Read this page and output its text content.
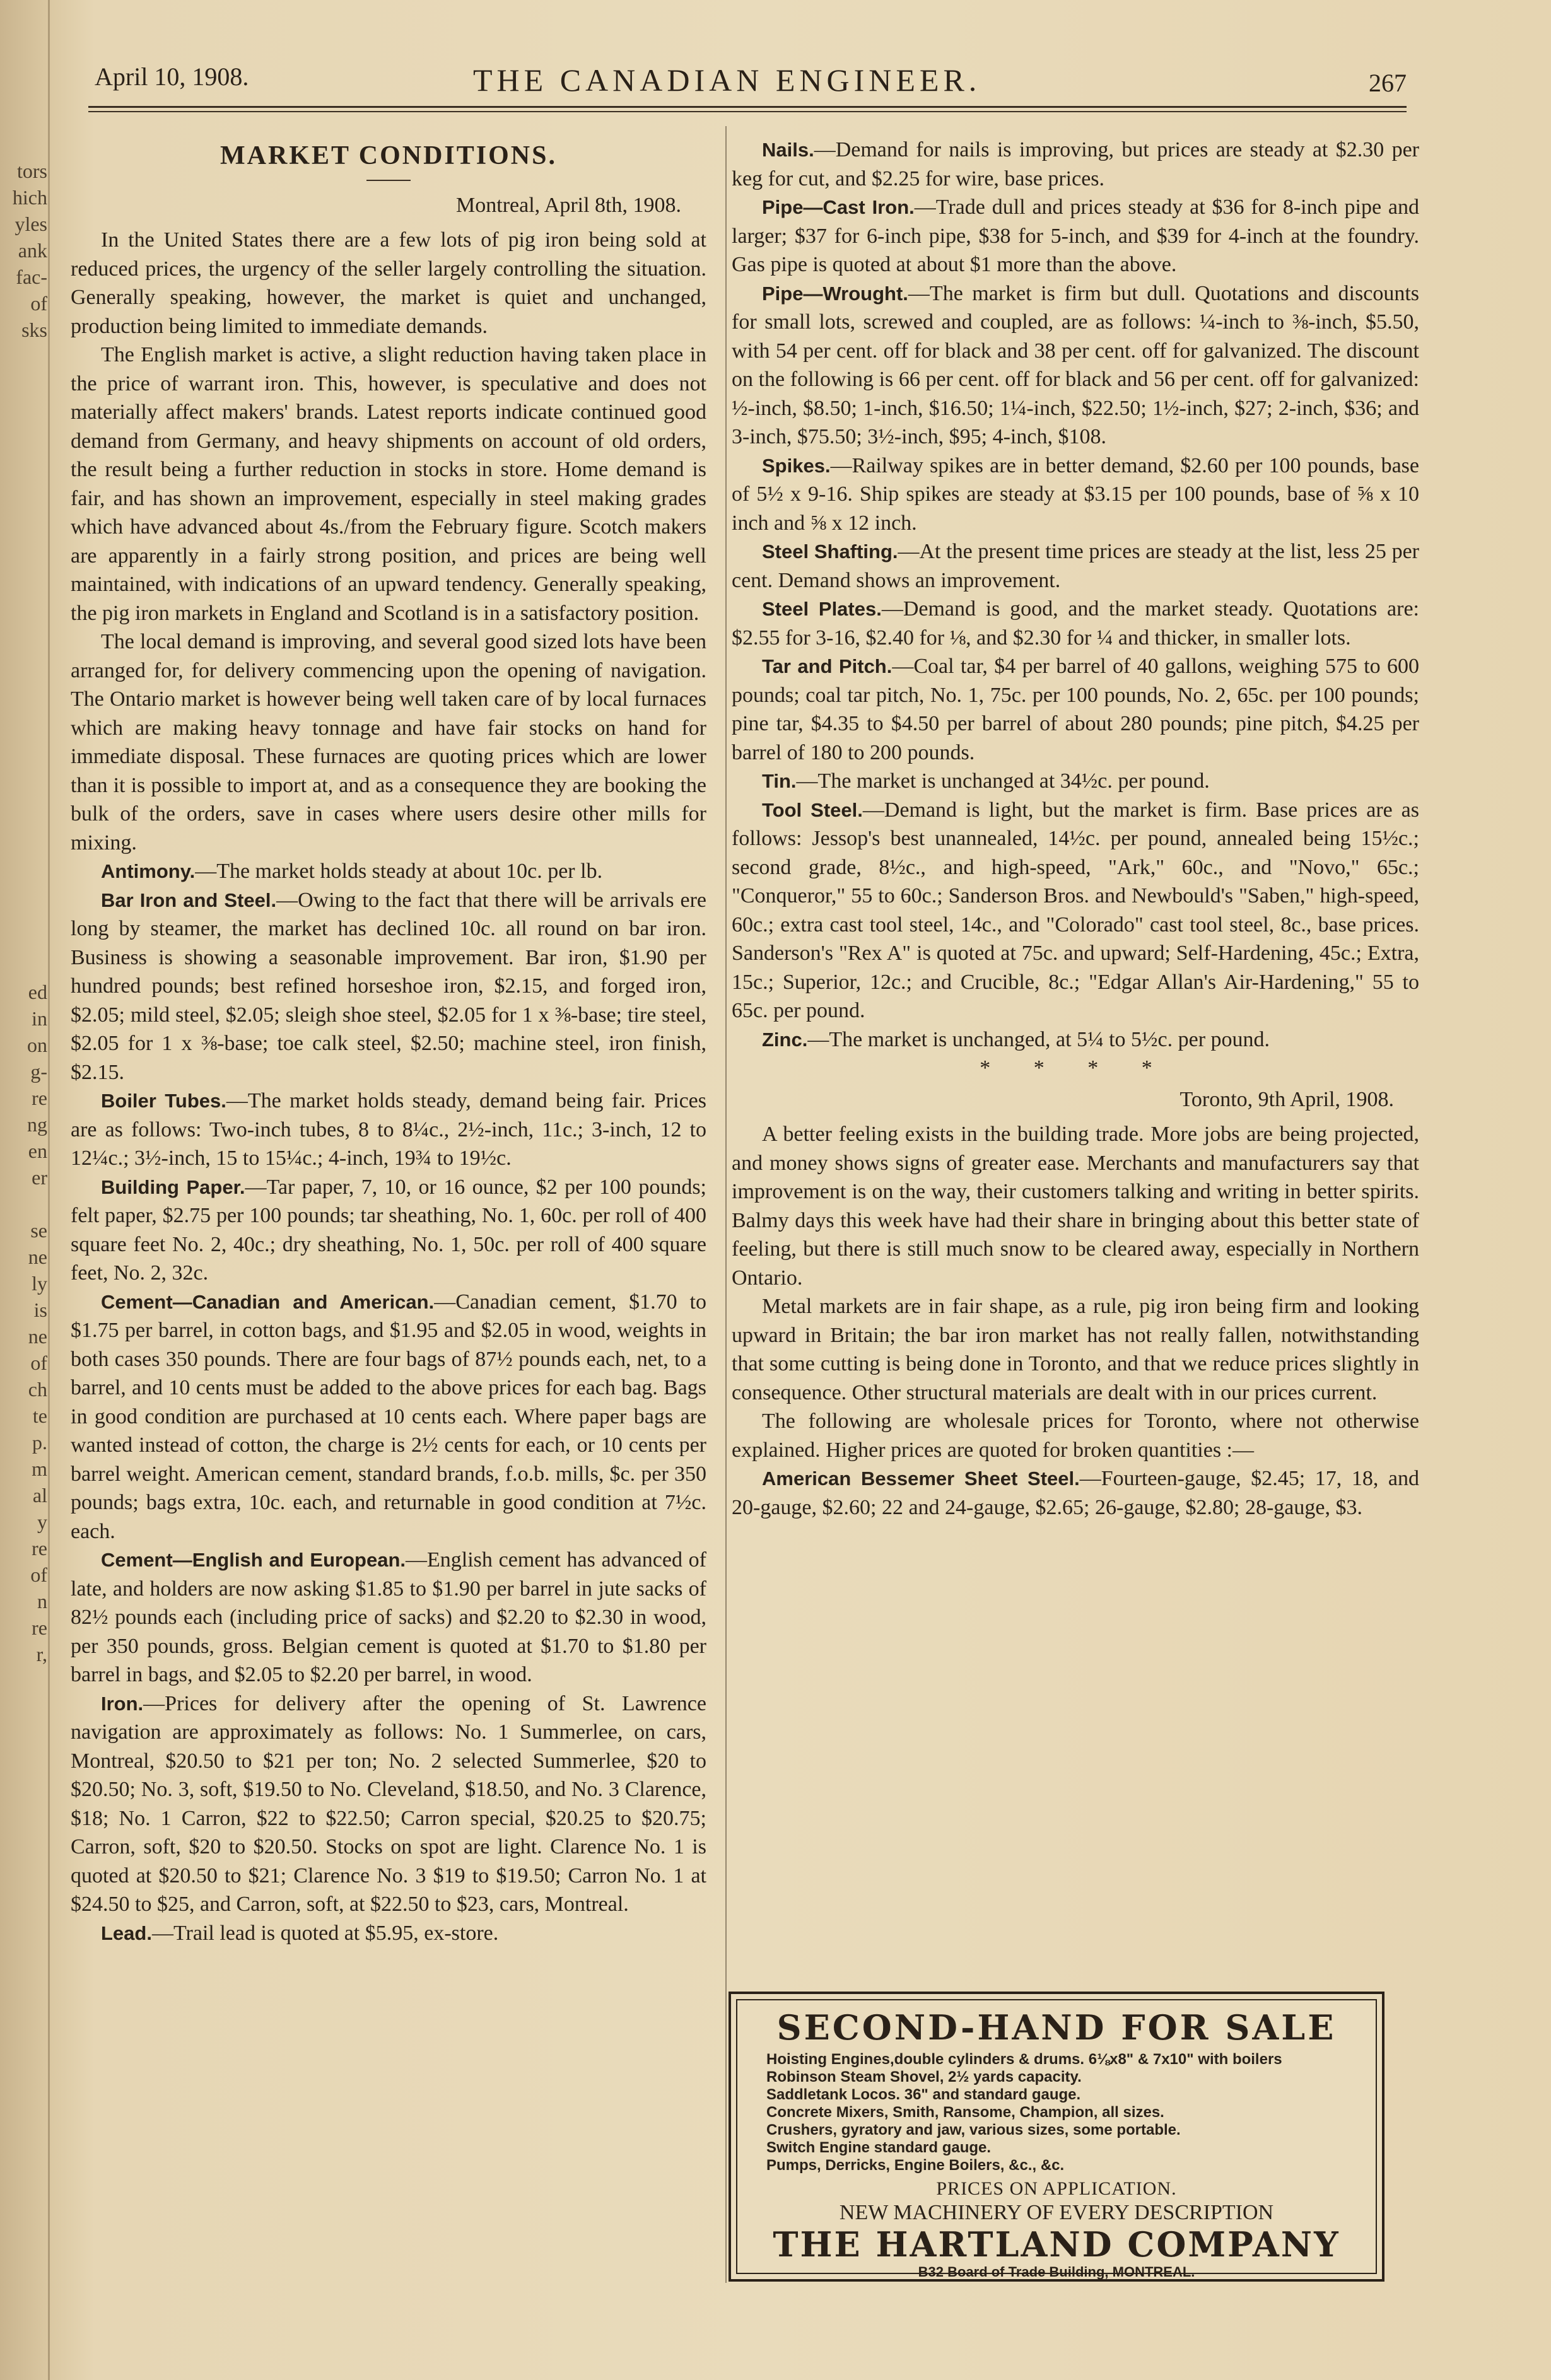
tors
hich
yles
ank
fac-
of
sks
ed
in
on
g-
re
ng
en
er
se
ne
ly
is
ne
of
ch
te
p.
m
al
y
re
of
n
re
r,
April 10, 1908.	THE CANADIAN ENGINEER.	267
MARKET CONDITIONS.

Montreal, April 8th, 1908.

In the United States there are a few lots of pig iron being sold at reduced prices, the urgency of the seller largely controlling the situation. Generally speaking, however, the market is quiet and unchanged, production being limited to immediate demands.

The English market is active, a slight reduction having taken place in the price of warrant iron. This, however, is speculative and does not materially affect makers' brands. Latest reports indicate continued good demand from Germany, and heavy shipments on account of old orders, the result being a further reduction in stocks in store. Home demand is fair, and has shown an improvement, especially in steel making grades which have advanced about 4s./from the February figure. Scotch makers are apparently in a fairly strong position, and prices are being well maintained, with indications of an upward tendency. Generally speaking, the pig iron markets in England and Scotland is in a satisfactory position.

The local demand is improving, and several good sized lots have been arranged for, for delivery commencing upon the opening of navigation. The Ontario market is however being well taken care of by local furnaces which are making heavy tonnage and have fair stocks on hand for immediate disposal. These furnaces are quoting prices which are lower than it is possible to import at, and as a consequence they are booking the bulk of the orders, save in cases where users desire other mills for mixing.

Antimony.—The market holds steady at about 10c. per lb.

Bar Iron and Steel.—Owing to the fact that there will be arrivals ere long by steamer, the market has declined 10c. all round on bar iron. Business is showing a seasonable improvement. Bar iron, $1.90 per hundred pounds; best refined horseshoe iron, $2.15, and forged iron, $2.05; mild steel, $2.05; sleigh shoe steel, $2.05 for 1 x ⅜-base; tire steel, $2.05 for 1 x ⅜-base; toe calk steel, $2.50; machine steel, iron finish, $2.15.

Boiler Tubes.—The market holds steady, demand being fair. Prices are as follows: Two-inch tubes, 8 to 8¼c., 2½-inch, 11c.; 3-inch, 12 to 12¼c.; 3½-inch, 15 to 15¼c.; 4-inch, 19¾ to 19½c.

Building Paper.—Tar paper, 7, 10, or 16 ounce, $2 per 100 pounds; felt paper, $2.75 per 100 pounds; tar sheathing, No. 1, 60c. per roll of 400 square feet No. 2, 40c.; dry sheathing, No. 1, 50c. per roll of 400 square feet, No. 2, 32c.

Cement—Canadian and American.—Canadian cement, $1.70 to $1.75 per barrel, in cotton bags, and $1.95 and $2.05 in wood, weights in both cases 350 pounds. There are four bags of 87½ pounds each, net, to a barrel, and 10 cents must be added to the above prices for each bag. Bags in good condition are purchased at 10 cents each. Where paper bags are wanted instead of cotton, the charge is 2½ cents for each, or 10 cents per barrel weight. American cement, standard brands, f.o.b. mills, $c. per 350 pounds; bags extra, 10c. each, and returnable in good condition at 7½c. each.

Cement—English and European.—English cement has advanced of late, and holders are now asking $1.85 to $1.90 per barrel in jute sacks of 82½ pounds each (including price of sacks) and $2.20 to $2.30 in wood, per 350 pounds, gross. Belgian cement is quoted at $1.70 to $1.80 per barrel in bags, and $2.05 to $2.20 per barrel, in wood.

Iron.—Prices for delivery after the opening of St. Lawrence navigation are approximately as follows: No. 1 Summerlee, on cars, Montreal, $20.50 to $21 per ton; No. 2 selected Summerlee, $20 to $20.50; No. 3, soft, $19.50 to No. Cleveland, $18.50, and No. 3 Clarence, $18; No. 1 Carron, $22 to $22.50; Carron special, $20.25 to $20.75; Carron, soft, $20 to $20.50. Stocks on spot are light. Clarence No. 1 is quoted at $20.50 to $21; Clarence No. 3 $19 to $19.50; Carron No. 1 at $24.50 to $25, and Carron, soft, at $22.50 to $23, cars, Montreal.

Lead.—Trail lead is quoted at $5.95, ex-store.

Nails.—Demand for nails is improving, but prices are steady at $2.30 per keg for cut, and $2.25 for wire, base prices.

Pipe—Cast Iron.—Trade dull and prices steady at $36 for 8-inch pipe and larger; $37 for 6-inch pipe, $38 for 5-inch, and $39 for 4-inch at the foundry. Gas pipe is quoted at about $1 more than the above.

Pipe—Wrought.—The market is firm but dull. Quotations and discounts for small lots, screwed and coupled, are as follows: ¼-inch to ⅜-inch, $5.50, with 54 per cent. off for black and 38 per cent. off for galvanized. The discount on the following is 66 per cent. off for black and 56 per cent. off for galvanized: ½-inch, $8.50; 1-inch, $16.50; 1¼-inch, $22.50; 1½-inch, $27; 2-inch, $36; and 3-inch, $75.50; 3½-inch, $95; 4-inch, $108.

Spikes.—Railway spikes are in better demand, $2.60 per 100 pounds, base of 5½ x 9-16. Ship spikes are steady at $3.15 per 100 pounds, base of ⅝ x 10 inch and ⅝ x 12 inch.

Steel Shafting.—At the present time prices are steady at the list, less 25 per cent. Demand shows an improvement.

Steel Plates.—Demand is good, and the market steady. Quotations are: $2.55 for 3-16, $2.40 for ⅛, and $2.30 for ¼ and thicker, in smaller lots.

Tar and Pitch.—Coal tar, $4 per barrel of 40 gallons, weighing 575 to 600 pounds; coal tar pitch, No. 1, 75c. per 100 pounds, No. 2, 65c. per 100 pounds; pine tar, $4.35 to $4.50 per barrel of about 280 pounds; pine pitch, $4.25 per barrel of 180 to 200 pounds.

Tin.—The market is unchanged at 34½c. per pound.

Tool Steel.—Demand is light, but the market is firm. Base prices are as follows: Jessop's best unannealed, 14½c. per pound, annealed being 15½c.; second grade, 8½c., and high-speed, "Ark," 60c., and "Novo," 65c.; "Conqueror," 55 to 60c.; Sanderson Bros. and Newbould's "Saben," high-speed, 60c.; extra cast tool steel, 14c., and "Colorado" cast tool steel, 8c., base prices. Sanderson's "Rex A" is quoted at 75c. and upward; Self-Hardening, 45c.; Extra, 15c.; Superior, 12c.; and Crucible, 8c.; "Edgar Allan's Air-Hardening," 55 to 65c. per pound.

Zinc.—The market is unchanged, at 5¼ to 5½c. per pound.

* * * *

Toronto, 9th April, 1908.

A better feeling exists in the building trade. More jobs are being projected, and money shows signs of greater ease. Merchants and manufacturers say that improvement is on the way, their customers talking and writing in better spirits. Balmy days this week have had their share in bringing about this better state of feeling, but there is still much snow to be cleared away, especially in Northern Ontario.

Metal markets are in fair shape, as a rule, pig iron being firm and looking upward in Britain; the bar iron market has not really fallen, notwithstanding that some cutting is being done in Toronto, and that we reduce prices slightly in consequence. Other structural materials are dealt with in our prices current.

The following are wholesale prices for Toronto, where not otherwise explained. Higher prices are quoted for broken quantities :—

American Bessemer Sheet Steel.—Fourteen-gauge, $2.45; 17, 18, and 20-gauge, $2.60; 22 and 24-gauge, $2.65; 26-gauge, $2.80; 28-gauge, $3.

SECOND-HAND FOR SALE
Hoisting Engines,double cylinders & drums. 6⅛x8" & 7x10" with boilers
Robinson Steam Shovel, 2½ yards capacity.
Saddletank Locos. 36" and standard gauge.
Concrete Mixers, Smith, Ransome, Champion, all sizes.
Crushers, gyratory and jaw, various sizes, some portable.
Switch Engine standard gauge.
Pumps, Derricks, Engine Boilers, &c., &c.
PRICES ON APPLICATION.
NEW MACHINERY OF EVERY DESCRIPTION
THE HARTLAND COMPANY
B32 Board of Trade Building, MONTREAL.
